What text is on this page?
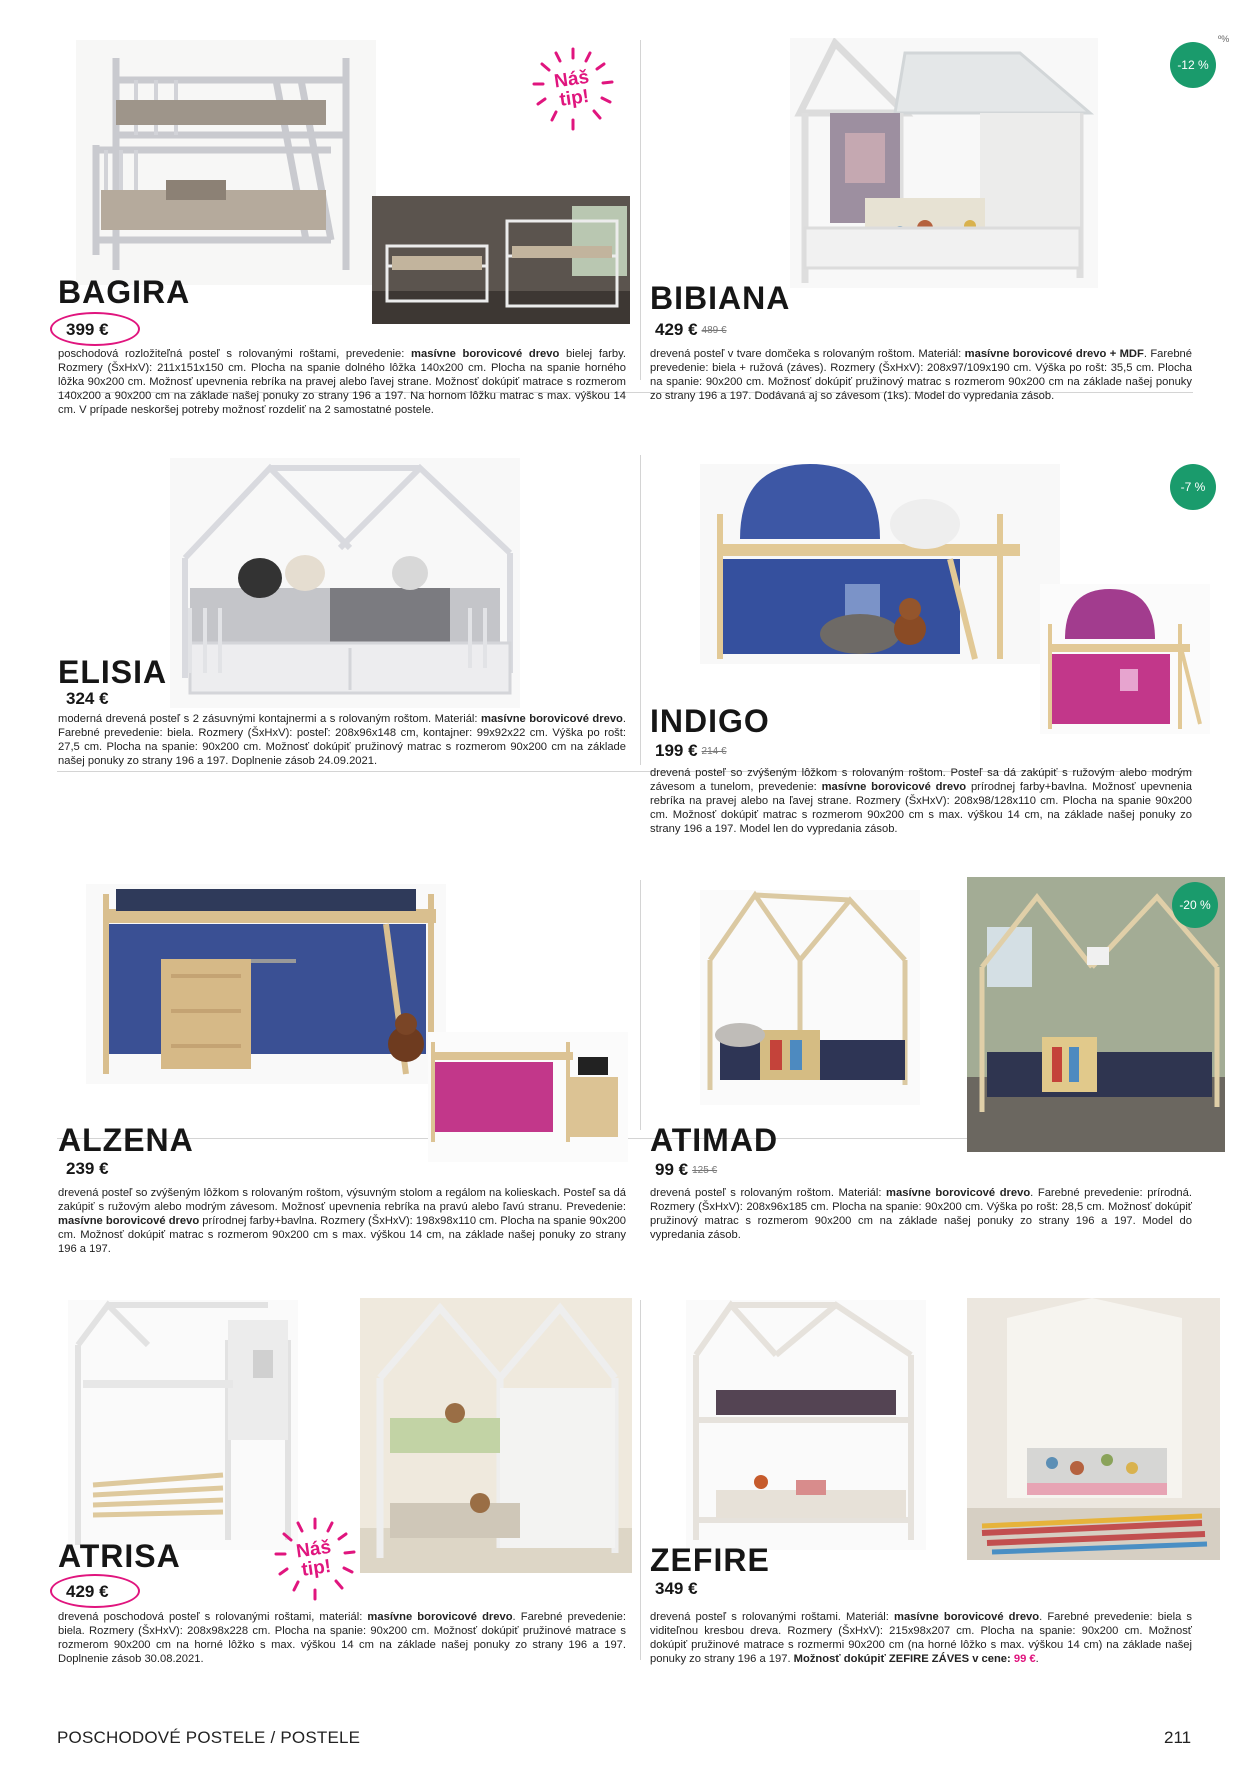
º%
Náš
tip!
BAGIRA
399 €
poschodová rozložiteľná posteľ s rolovanými roštami, prevedenie: masívne borovicové drevo bielej farby. Rozmery (ŠxHxV): 211x151x150 cm. Plocha na spanie dolného lôžka 140x200 cm. Plocha na spanie horného lôžka 90x200 cm. Možnosť upevnenia rebríka na pravej alebo ľavej strane. Možnosť dokúpiť matrace s rozmerom 140x200 a 90x200 cm na základe našej ponuky zo strany 196 a 197. Na hornom lôžku matrac s max. výškou 14 cm. V prípade neskoršej potreby možnosť rozdeliť na 2 samostatné postele.
-12 %
BIBIANA
429 € 489 €
drevená posteľ v tvare domčeka s rolovaným roštom. Materiál: masívne borovicové drevo + MDF. Farebné prevedenie: biela + ružová (záves). Rozmery (ŠxHxV): 208x97/109x190 cm. Výška po rošt: 35,5 cm. Plocha na spanie: 90x200 cm. Možnosť dokúpiť pružinový matrac s rozmerom 90x200 cm na základe našej ponuky zo strany 196 a 197. Dodávaná aj so závesom (1ks). Model do vypredania zásob.
ELISIA
324 €
moderná drevená posteľ s 2 zásuvnými kontajnermi a s rolovaným roštom. Materiál: masívne borovicové drevo. Farebné prevedenie: biela. Rozmery (ŠxHxV): posteľ: 208x96x148 cm, kontajner: 99x92x22 cm. Výška po rošt: 27,5 cm. Plocha na spanie: 90x200 cm. Možnosť dokúpiť pružinový matrac s rozmerom 90x200 cm na základe našej ponuky zo strany 196 a 197. Doplnenie zásob 24.09.2021.
-7 %
INDIGO
199 € 214 €
drevená posteľ so zvýšeným lôžkom s rolovaným roštom. Posteľ sa dá zakúpiť s ružovým alebo modrým závesom a tunelom, prevedenie: masívne borovicové drevo prírodnej farby+bavlna. Možnosť upevnenia rebríka na pravej alebo na ľavej strane. Rozmery (ŠxHxV): 208x98/128x110 cm. Plocha na spanie 90x200 cm. Možnosť dokúpiť matrac s rozmerom 90x200 cm s max. výškou 14 cm, na základe našej ponuky zo strany 196 a 197. Model len do vypredania zásob.
ALZENA
239 €
drevená posteľ so zvýšeným lôžkom s rolovaným roštom, výsuvným stolom a regálom na kolieskach. Posteľ sa dá zakúpiť s ružovým alebo modrým závesom. Možnosť upevnenia rebríka na pravú alebo ľavú stranu. Prevedenie: masívne borovicové drevo prírodnej farby+bavlna. Rozmery (ŠxHxV): 198x98x110 cm. Plocha na spanie 90x200 cm. Možnosť dokúpiť matrac s rozmerom 90x200 cm s max. výškou 14 cm, na základe našej ponuky zo strany 196 a 197.
-20 %
ATIMAD
99 € 125 €
drevená posteľ s rolovaným roštom. Materiál: masívne borovicové drevo. Farebné prevedenie: prírodná. Rozmery (ŠxHxV): 208x96x185 cm. Plocha na spanie: 90x200 cm. Výška po rošt: 28,5 cm. Možnosť dokúpiť pružinový matrac s rozmerom 90x200 cm na základe našej ponuky zo strany 196 a 197. Model do vypredania zásob.
Náš
tip!
ATRISA
429 €
drevená poschodová posteľ s rolovanými roštami, materiál: masívne borovicové drevo. Farebné prevedenie: biela. Rozmery (ŠxHxV): 208x98x228 cm. Plocha na spanie: 90x200 cm. Možnosť dokúpiť pružinové matrace s rozmerom 90x200 cm na horné lôžko s max. výškou 14 cm na základe našej ponuky zo strany 196 a 197. Doplnenie zásob 30.08.2021.
ZEFIRE
349 €
drevená posteľ s rolovanými roštami. Materiál: masívne borovicové drevo. Farebné prevedenie: biela s viditeľnou kresbou dreva. Rozmery (ŠxHxV): 215x98x207 cm. Plocha na spanie: 90x200 cm. Možnosť dokúpiť pružinové matrace s rozmermi 90x200 cm (na horné lôžko s max. výškou 14 cm) na základe našej ponuky zo strany 196 a 197. Možnosť dokúpiť ZEFIRE ZÁVES v cene: 99 €.
POSCHODOVÉ POSTELE / POSTELE	211
